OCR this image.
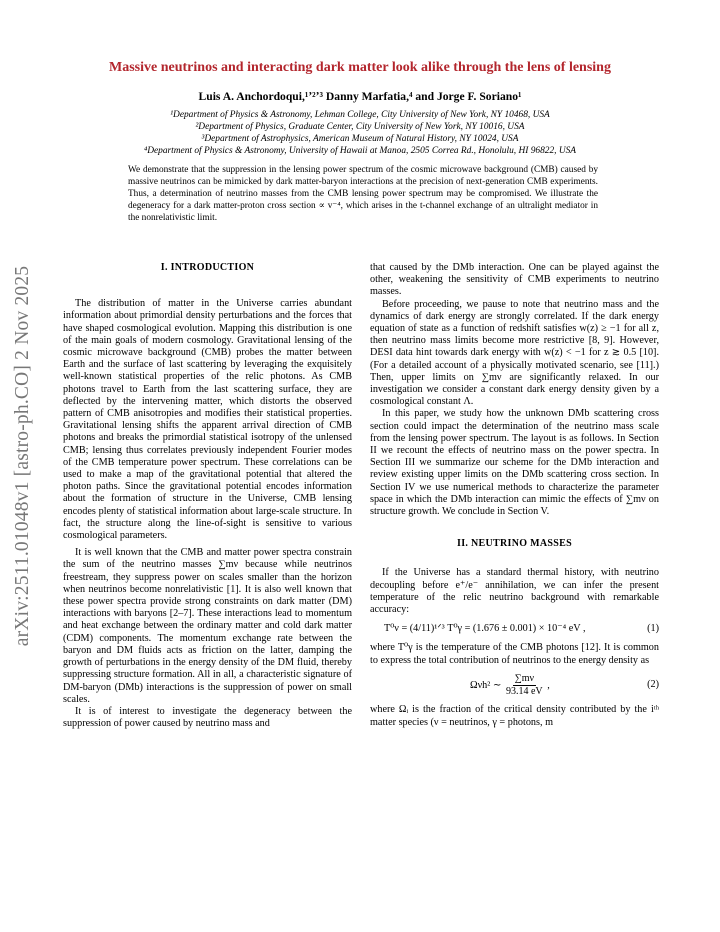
arXiv:2511.01048v1 [astro-ph.CO] 2 Nov 2025
Massive neutrinos and interacting dark matter look alike through the lens of lensing
Luis A. Anchordoqui,¹ʼ²ʼ³ Danny Marfatia,⁴ and Jorge F. Soriano¹
¹Department of Physics & Astronomy, Lehman College, City University of New York, NY 10468, USA
²Department of Physics, Graduate Center, City University of New York, NY 10016, USA
³Department of Astrophysics, American Museum of Natural History, NY 10024, USA
⁴Department of Physics & Astronomy, University of Hawaii at Manoa, 2505 Correa Rd., Honolulu, HI 96822, USA
We demonstrate that the suppression in the lensing power spectrum of the cosmic microwave background (CMB) caused by massive neutrinos can be mimicked by dark matter-baryon interactions at the precision of next-generation CMB experiments. Thus, a determination of neutrino masses from the CMB lensing power spectrum may be compromised. We illustrate the degeneracy for a dark matter-proton cross section ∝ v⁻⁴, which arises in the t-channel exchange of an ultralight mediator in the nonrelativistic limit.

I. INTRODUCTION

The distribution of matter in the Universe carries abundant information about primordial density perturbations and the forces that have shaped cosmological evolution. Mapping this distribution is one of the main goals of modern cosmology. Gravitational lensing of the cosmic microwave background (CMB) probes the matter between Earth and the surface of last scattering by leveraging the exquisitely well-known statistical properties of the relic photons. As CMB photons travel to Earth from the last scattering surface, they are deflected by the intervening matter, which distorts the observed pattern of CMB anisotropies and modifies their statistical properties. Gravitational lensing shifts the apparent arrival direction of CMB photons and breaks the primordial statistical isotropy of the unlensed CMB; lensing thus correlates previously independent Fourier modes of the CMB temperature power spectrum. These correlations can be used to make a map of the gravitational potential that altered the photon paths. Since the gravitational potential encodes information about the formation of structure in the Universe, CMB lensing encodes plenty of statistical information about large-scale structure. In fact, the structure along the line-of-sight is sensitive to various cosmological parameters.

It is well known that the CMB and matter power spectra constrain the sum of the neutrino masses ∑mν because while neutrinos freestream, they suppress power on scales smaller than the horizon when neutrinos become nonrelativistic [1]. It is also well known that these power spectra provide strong constraints on dark matter (DM) interactions with baryons [2–7]. These interactions lead to momentum and heat exchange between the ordinary matter and cold dark matter (CDM) components. The momentum exchange rate between the baryon and DM fluids acts as friction on the latter, damping the growth of perturbations in the energy density of the DM fluid, thereby suppressing structure formation. All in all, a characteristic signature of DM-baryon (DMb) interactions is the suppression of power on small scales.

It is of interest to investigate the degeneracy between the suppression of power caused by neutrino mass and

that caused by the DMb interaction. One can be played against the other, weakening the sensitivity of CMB experiments to neutrino masses.

Before proceeding, we pause to note that neutrino mass and the dynamics of dark energy are strongly correlated. If the dark energy equation of state as a function of redshift satisfies w(z) ≥ −1 for all z, then neutrino mass limits become more restrictive [8, 9]. However, DESI data hint towards dark energy with w(z) < −1 for z ≳ 0.5 [10]. (For a detailed account of a physically motivated scenario, see [11].) Then, upper limits on ∑mν are significantly relaxed. In our investigation we consider a constant dark energy density given by a cosmological constant Λ.

In this paper, we study how the unknown DMb scattering cross section could impact the determination of the neutrino mass scale from the lensing power spectrum. The layout is as follows. In Section II we recount the effects of neutrino mass on the power spectra. In Section III we summarize our scheme for the DMb interaction and review existing upper limits on the DMb scattering cross section. In Section IV we use numerical methods to characterize the parameter space in which the DMb interaction can mimic the effects of ∑mν on structure growth. We conclude in Section V.

II. NEUTRINO MASSES

If the Universe has a standard thermal history, with neutrino decoupling before e⁺/e⁻ annihilation, we can infer the present temperature of the relic neutrino background with remarkable accuracy:

T⁰ν = (4/11)¹ᐟ³ T⁰γ = (1.676 ± 0.001) × 10⁻⁴ eV ,	(1)

where T⁰γ is the temperature of the CMB photons [12]. It is common to express the total contribution of neutrinos to the energy density as

Ωνh² ∼ $\frac{\sum m\nu}{93.14 eV}$ ,	(2)

where Ωᵢ is the fraction of the critical density contributed by the iᵗʰ matter species (ν = neutrinos, γ = photons, m
